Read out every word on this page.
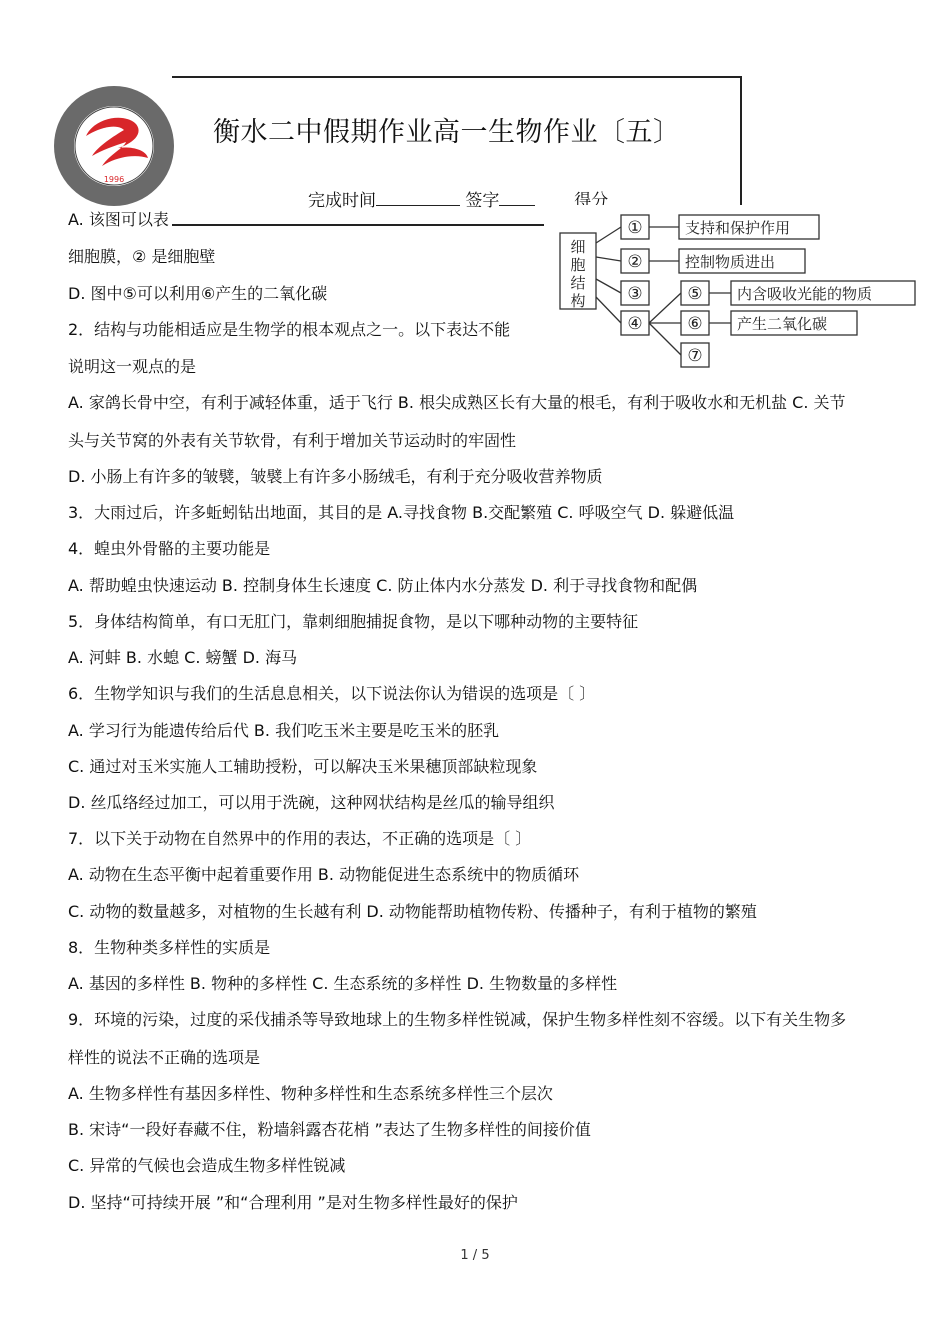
1996
衡水二中假期作业高一生物作业〔五〕
完成时间	签字	得分
细
胞
结
构
①
②
③
④
⑤
⑥
⑦
支持和保护作用
控制物质进出
内含吸收光能的物质
产生二氧化碳
A. 该图可以表
细胞膜，② 是细胞壁
D. 图中⑤可以利用⑥产生的二氧化碳
2．结构与功能相适应是生物学的根本观点之一。以下表达不能
说明这一观点的是
A. 家鸽长骨中空，有利于减轻体重，适于飞行 B. 根尖成熟区长有大量的根毛，有利于吸收水和无机盐 C. 关节
头与关节窝的外表有关节软骨，有利于增加关节运动时的牢固性
D. 小肠上有许多的皱襞，皱襞上有许多小肠绒毛，有利于充分吸收营养物质
3．大雨过后，许多蚯蚓钻出地面，其目的是 A.寻找食物 B.交配繁殖 C. 呼吸空气 D. 躲避低温
4．蝗虫外骨骼的主要功能是
A. 帮助蝗虫快速运动 B. 控制身体生长速度 C. 防止体内水分蒸发 D. 利于寻找食物和配偶
5．身体结构简单，有口无肛门，靠刺细胞捕捉食物，是以下哪种动物的主要特征
A. 河蚌 B. 水螅 C. 螃蟹 D. 海马
6．生物学知识与我们的生活息息相关，以下说法你认为错误的选项是〔 〕
A. 学习行为能遗传给后代 B. 我们吃玉米主要是吃玉米的胚乳
C. 通过对玉米实施人工辅助授粉，可以解决玉米果穗顶部缺粒现象
D. 丝瓜络经过加工，可以用于洗碗，这种网状结构是丝瓜的输导组织
7．以下关于动物在自然界中的作用的表达，不正确的选项是〔 〕
A. 动物在生态平衡中起着重要作用 B. 动物能促进生态系统中的物质循环
C. 动物的数量越多，对植物的生长越有利 D. 动物能帮助植物传粉、传播种子，有利于植物的繁殖
8．生物种类多样性的实质是
A. 基因的多样性 B. 物种的多样性 C. 生态系统的多样性 D. 生物数量的多样性
9．环境的污染，过度的采伐捕杀等导致地球上的生物多样性锐减，保护生物多样性刻不容缓。以下有关生物多
样性的说法不正确的选项是
A. 生物多样性有基因多样性、物种多样性和生态系统多样性三个层次
B. 宋诗“一段好春藏不住，粉墙斜露杏花梢 ”表达了生物多样性的间接价值
C. 异常的气候也会造成生物多样性锐减
D. 坚持“可持续开展 ”和“合理利用 ”是对生物多样性最好的保护
1 / 5
